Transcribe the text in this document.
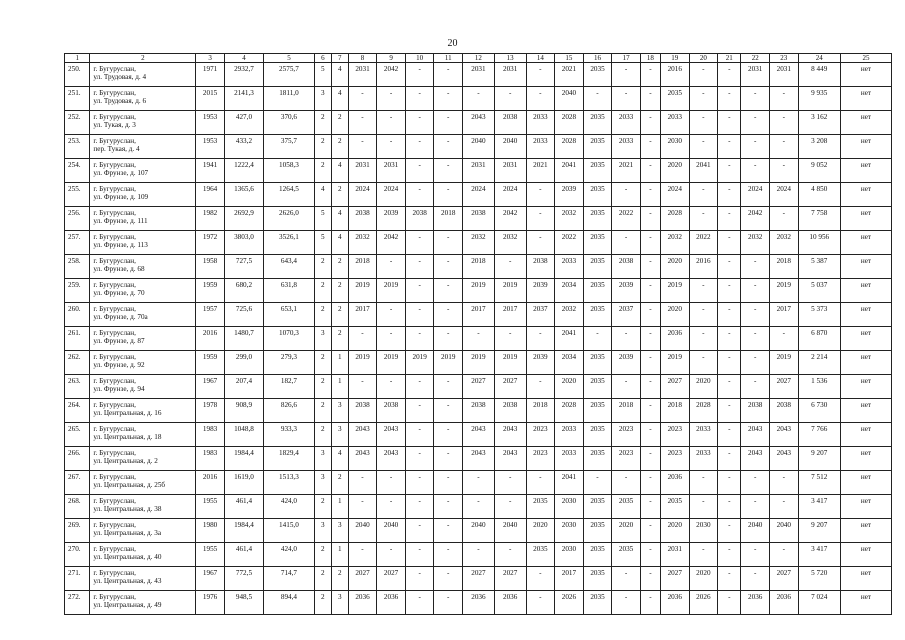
20
1	2	3	4	5	6	7	8	9	10	11	12	13	14	15	16	17	18	19	20	21	22	23	24	25
250.	г. Бугуруслан,
ул. Трудовая, д. 4	1971	2932,7	2575,7	5	4	2031	2042	-	-	2031	2031	-	2021	2035	-	-	2016	-	-	2031	2031	8 449	нет
251.	г. Бугуруслан,
ул. Трудовая, д. 6	2015	2141,3	1811,0	3	4	-	-	-	-	-	-	-	2040	-	-	-	2035	-	-	-	-	9 935	нет
252.	г. Бугуруслан,
ул. Тукая, д. 3	1953	427,0	370,6	2	2	-	-	-	-	2043	2038	2033	2028	2035	2033	-	2033	-	-	-	-	3 162	нет
253.	г. Бугуруслан,
пер. Тукая, д. 4	1953	433,2	375,7	2	2	-	-	-	-	2040	2040	2033	2028	2035	2033	-	2030	-	-	-	-	3 208	нет
254.	г. Бугуруслан,
ул. Фрунзе, д. 107	1941	1222,4	1058,3	2	4	2031	2031	-	-	2031	2031	2021	2041	2035	2021	-	2020	2041	-	-	-	9 052	нет
255.	г. Бугуруслан,
ул. Фрунзе, д. 109	1964	1365,6	1264,5	4	2	2024	2024	-	-	2024	2024	-	2039	2035	-	-	2024	-	-	2024	2024	4 850	нет
256.	г. Бугуруслан,
ул. Фрунзе, д. 111	1982	2692,9	2626,0	5	4	2038	2039	2038	2018	2038	2042	-	2032	2035	2022	-	2028	-	-	2042	-	7 758	нет
257.	г. Бугуруслан,
ул. Фрунзе, д. 113	1972	3803,0	3526,1	5	4	2032	2042	-	-	2032	2032	-	2022	2035	-	-	2032	2022	-	2032	2032	10 956	нет
258.	г. Бугуруслан,
ул. Фрунзе, д. 68	1958	727,5	643,4	2	2	2018	-	-	-	2018	-	2038	2033	2035	2038	-	2020	2016	-	-	2018	5 387	нет
259.	г. Бугуруслан,
ул. Фрунзе, д. 70	1959	680,2	631,8	2	2	2019	2019	-	-	2019	2019	2039	2034	2035	2039	-	2019	-	-	-	2019	5 037	нет
260.	г. Бугуруслан,
ул. Фрунзе, д. 70а	1957	725,6	653,1	2	2	2017	-	-	-	2017	2017	2037	2032	2035	2037	-	2020	-	-	-	2017	5 373	нет
261.	г. Бугуруслан,
ул. Фрунзе, д. 87	2016	1480,7	1070,3	3	2	-	-	-	-	-	-	-	2041	-	-	-	2036	-	-	-	-	6 870	нет
262.	г. Бугуруслан,
ул. Фрунзе, д. 92	1959	299,0	279,3	2	1	2019	2019	2019	2019	2019	2019	2039	2034	2035	2039	-	2019	-	-	-	2019	2 214	нет
263.	г. Бугуруслан,
ул. Фрунзе, д. 94	1967	207,4	182,7	2	1	-	-	-	-	2027	2027	-	2020	2035	-	-	2027	2020	-	-	2027	1 536	нет
264.	г. Бугуруслан,
ул. Центральная, д. 16	1978	908,9	826,6	2	3	2038	2038	-	-	2038	2038	2018	2028	2035	2018	-	2018	2028	-	2038	2038	6 730	нет
265.	г. Бугуруслан,
ул. Центральная, д. 18	1983	1048,8	933,3	2	3	2043	2043	-	-	2043	2043	2023	2033	2035	2023	-	2023	2033	-	2043	2043	7 766	нет
266.	г. Бугуруслан,
ул. Центральная, д. 2	1983	1984,4	1829,4	3	4	2043	2043	-	-	2043	2043	2023	2033	2035	2023	-	2023	2033	-	2043	2043	9 207	нет
267.	г. Бугуруслан,
ул. Центральная, д. 25б	2016	1619,0	1513,3	3	2	-	-	-	-	-	-	-	2041	-	-	-	2036	-	-	-	-	7 512	нет
268.	г. Бугуруслан,
ул. Центральная, д. 38	1955	461,4	424,0	2	1	-	-	-	-	-	-	2035	2030	2035	2035	-	2035	-	-	-	-	3 417	нет
269.	г. Бугуруслан,
ул. Центральная, д. 3а	1980	1984,4	1415,0	3	3	2040	2040	-	-	2040	2040	2020	2030	2035	2020	-	2020	2030	-	2040	2040	9 207	нет
270.	г. Бугуруслан,
ул. Центральная, д. 40	1955	461,4	424,0	2	1	-	-	-	-	-	-	2035	2030	2035	2035	-	2031	-	-	-	-	3 417	нет
271.	г. Бугуруслан,
ул. Центральная, д. 43	1967	772,5	714,7	2	2	2027	2027	-	-	2027	2027	-	2017	2035	-	-	2027	2020	-	-	2027	5 720	нет
272.	г. Бугуруслан,
ул. Центральная, д. 49	1976	948,5	894,4	2	3	2036	2036	-	-	2036	2036	-	2026	2035	-	-	2036	2026	-	2036	2036	7 024	нет
